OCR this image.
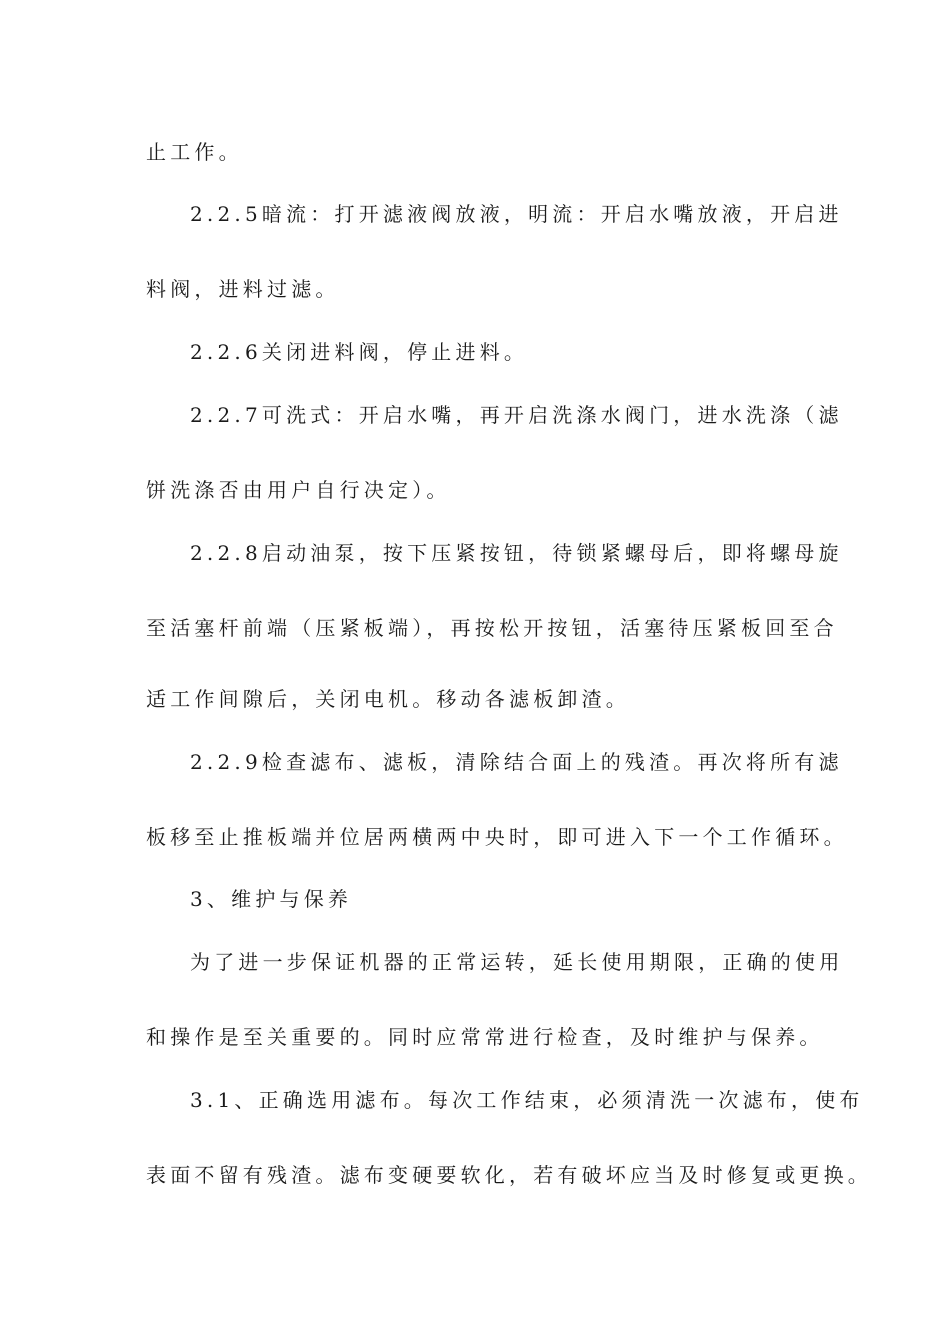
止工作。
2.2.5暗流：打开滤液阀放液，明流：开启水嘴放液，开启进
料阀，进料过滤。
2.2.6关闭进料阀，停止进料。
2.2.7可洗式：开启水嘴，再开启洗涤水阀门，进水洗涤（滤
饼洗涤否由用户自行决定）。
2.2.8启动油泵，按下压紧按钮，待锁紧螺母后，即将螺母旋
至活塞杆前端（压紧板端），再按松开按钮，活塞待压紧板回至合
适工作间隙后，关闭电机。移动各滤板卸渣。
2.2.9检查滤布、滤板，清除结合面上的残渣。再次将所有滤
板移至止推板端并位居两横两中央时，即可进入下一个工作循环。
3、维护与保养
为了进一步保证机器的正常运转，延长使用期限，正确的使用
和操作是至关重要的。同时应常常进行检查，及时维护与保养。
3.1、正确选用滤布。每次工作结束，必须清洗一次滤布，使布
表面不留有残渣。滤布变硬要软化，若有破坏应当及时修复或更换。
